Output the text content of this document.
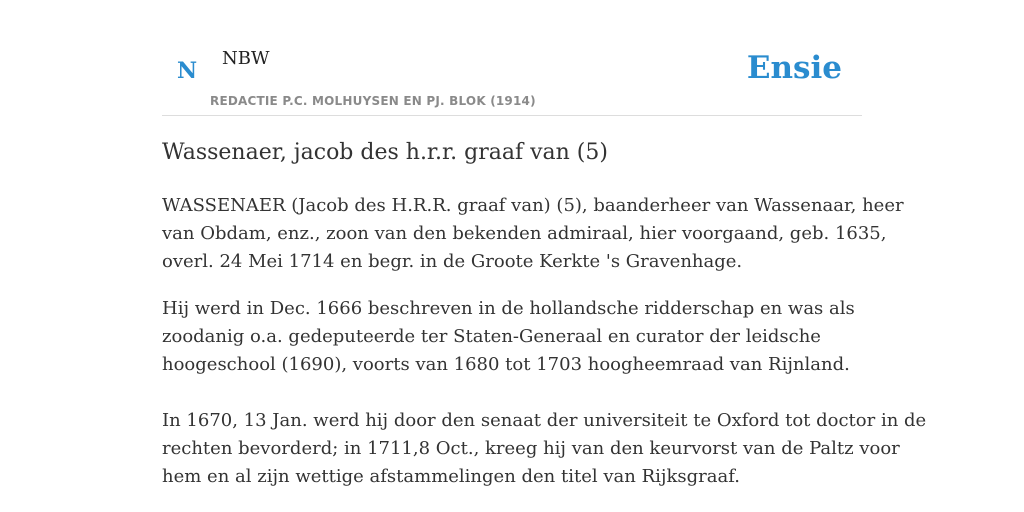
N NBW
REDACTIE P.C. MOLHUYSEN EN PJ. BLOK (1914)
Ensie
Wassenaer, jacob des h.r.r. graaf van (5)

WASSENAER (Jacob des H.R.R. graaf van) (5), baanderheer van Wassenaar, heer
van Obdam, enz., zoon van den bekenden admiraal, hier voorgaand, geb. 1635,
overl. 24 Mei 1714 en begr. in de Groote Kerkte 's Gravenhage.

Hij werd in Dec. 1666 beschreven in de hollandsche ridderschap en was als
zoodanig o.a. gedeputeerde ter Staten-Generaal en curator der leidsche
hoogeschool (1690), voorts van 1680 tot 1703 hoogheemraad van Rijnland.

In 1670, 13 Jan. werd hij door den senaat der universiteit te Oxford tot doctor in de
rechten bevorderd; in 1711,8 Oct., kreeg hij van den keurvorst van de Paltz voor
hem en al zijn wettige afstammelingen den titel van Rijksgraaf.
